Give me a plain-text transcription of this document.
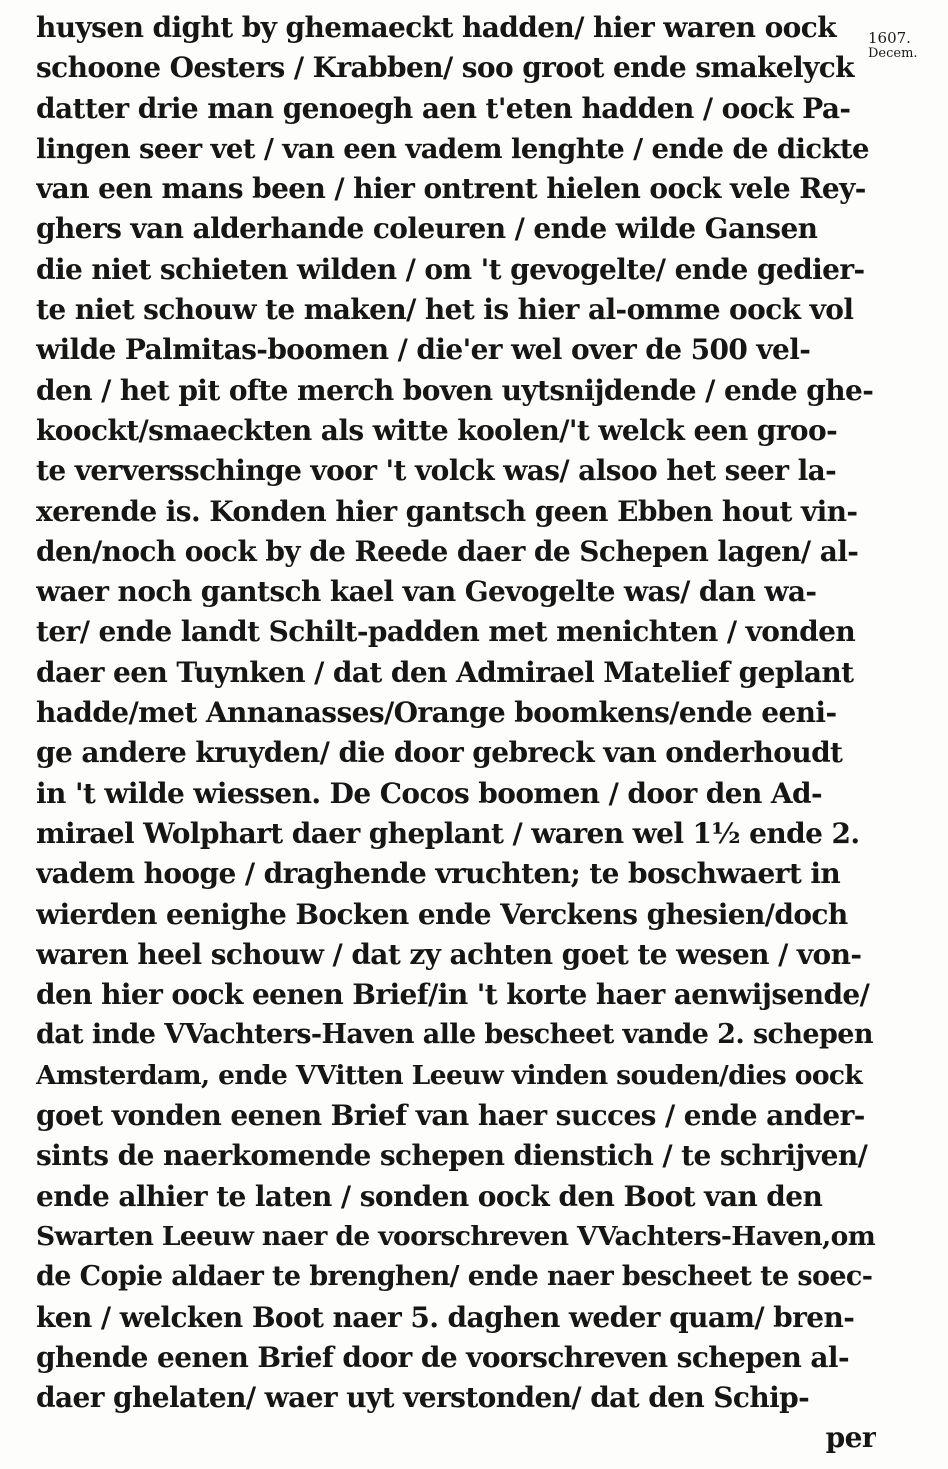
1607.
Decem.
huysen dight by ghemaeckt hadden/ hier waren oock
schoone Oesters / Krabben/ soo groot ende smakelyck
datter drie man genoegh aen t'eten hadden / oock Pa-
lingen seer vet / van een vadem lenghte / ende de dickte
van een mans been / hier ontrent hielen oock vele Rey-
ghers van alderhande coleuren / ende wilde Gansen
die niet schieten wilden / om 't gevogelte/ ende gedier-
te niet schouw te maken/ het is hier al-omme oock vol
wilde Palmitas-boomen / die'er wel over de 500 vel-
den / het pit ofte merch boven uytsnijdende / ende ghe-
koockt/smaeckten als witte koolen/'t welck een groo-
te verversschinge voor 't volck was/ alsoo het seer la-
xerende is. Konden hier gantsch geen Ebben hout vin-
den/noch oock by de Reede daer de Schepen lagen/ al-
waer noch gantsch kael van Gevogelte was/ dan wa-
ter/ ende landt Schilt-padden met menichten / vonden
daer een Tuynken / dat den Admirael Matelief geplant
hadde/met Annanasses/Orange boomkens/ende eeni-
ge andere kruyden/ die door gebreck van onderhoudt
in 't wilde wiessen. De Cocos boomen / door den Ad-
mirael Wolphart daer gheplant / waren wel 1½ ende 2.
vadem hooge / draghende vruchten; te boschwaert in
wierden eenighe Bocken ende Verckens ghesien/doch
waren heel schouw / dat zy achten goet te wesen / von-
den hier oock eenen Brief/in 't korte haer aenwijsende/
dat inde VVachters-Haven alle bescheet vande 2. schepen
Amsterdam, ende VVitten Leeuw vinden souden/dies oock
goet vonden eenen Brief van haer succes / ende ander-
sints de naerkomende schepen dienstich / te schrijven/
ende alhier te laten / sonden oock den Boot van den
Swarten Leeuw naer de voorschreven VVachters-Haven,om
de Copie aldaer te brenghen/ ende naer bescheet te soec-
ken / welcken Boot naer 5. daghen weder quam/ bren-
ghende eenen Brief door de voorschreven schepen al-
daer ghelaten/ waer uyt verstonden/ dat den Schip-
per
